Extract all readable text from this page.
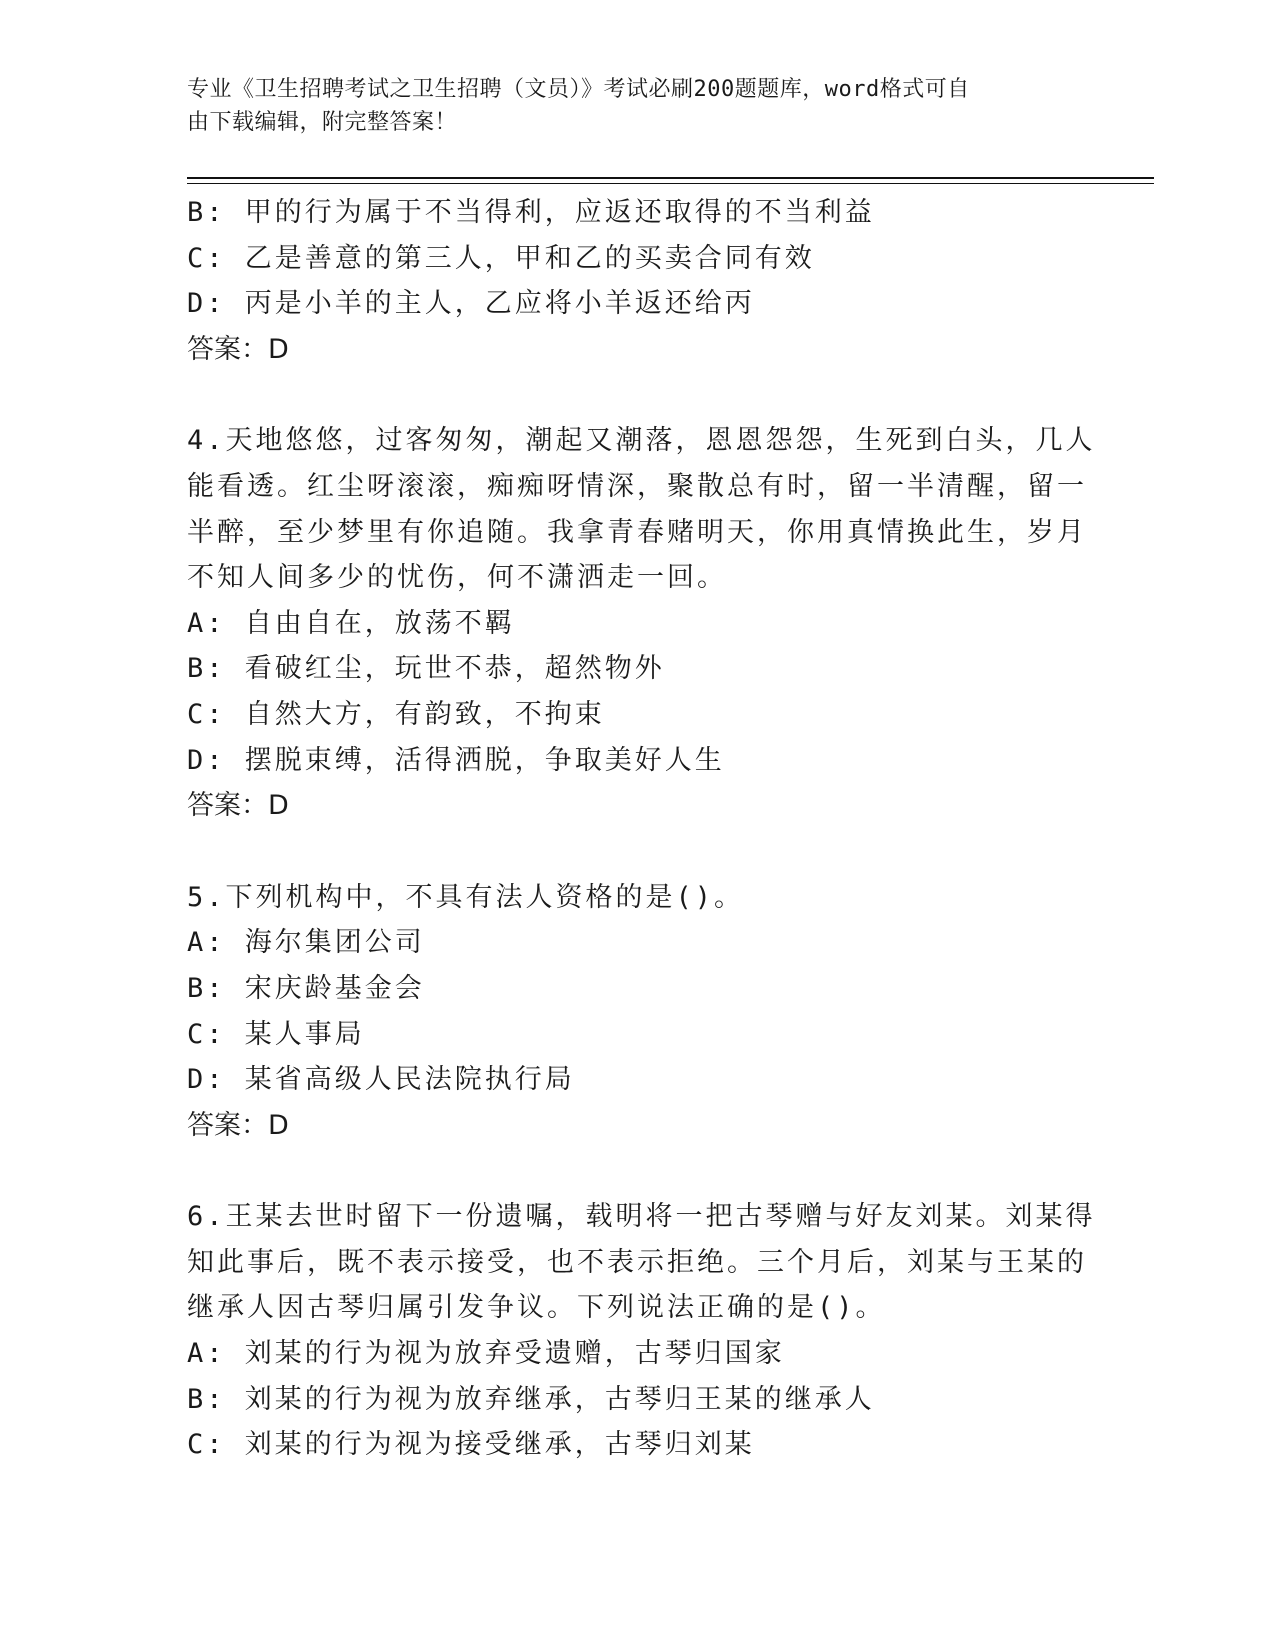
专业《卫生招聘考试之卫生招聘（文员）》考试必刷200题题库，word格式可自
由下载编辑，附完整答案！
B: 甲的行为属于不当得利，应返还取得的不当利益
C: 乙是善意的第三人，甲和乙的买卖合同有效
D: 丙是小羊的主人，乙应将小羊返还给丙
答案：D
4.天地悠悠，过客匆匆，潮起又潮落，恩恩怨怨，生死到白头，几人
能看透。红尘呀滚滚，痴痴呀情深，聚散总有时，留一半清醒，留一
半醉，至少梦里有你追随。我拿青春赌明天，你用真情换此生，岁月
不知人间多少的忧伤，何不潇洒走一回。
A: 自由自在，放荡不羁
B: 看破红尘，玩世不恭，超然物外
C: 自然大方，有韵致，不拘束
D: 摆脱束缚，活得洒脱，争取美好人生
答案：D
5.下列机构中，不具有法人资格的是()。
A: 海尔集团公司
B: 宋庆龄基金会
C: 某人事局
D: 某省高级人民法院执行局
答案：D
6.王某去世时留下一份遗嘱，载明将一把古琴赠与好友刘某。刘某得
知此事后，既不表示接受，也不表示拒绝。三个月后，刘某与王某的
继承人因古琴归属引发争议。下列说法正确的是()。
A: 刘某的行为视为放弃受遗赠，古琴归国家
B: 刘某的行为视为放弃继承，古琴归王某的继承人
C: 刘某的行为视为接受继承，古琴归刘某
